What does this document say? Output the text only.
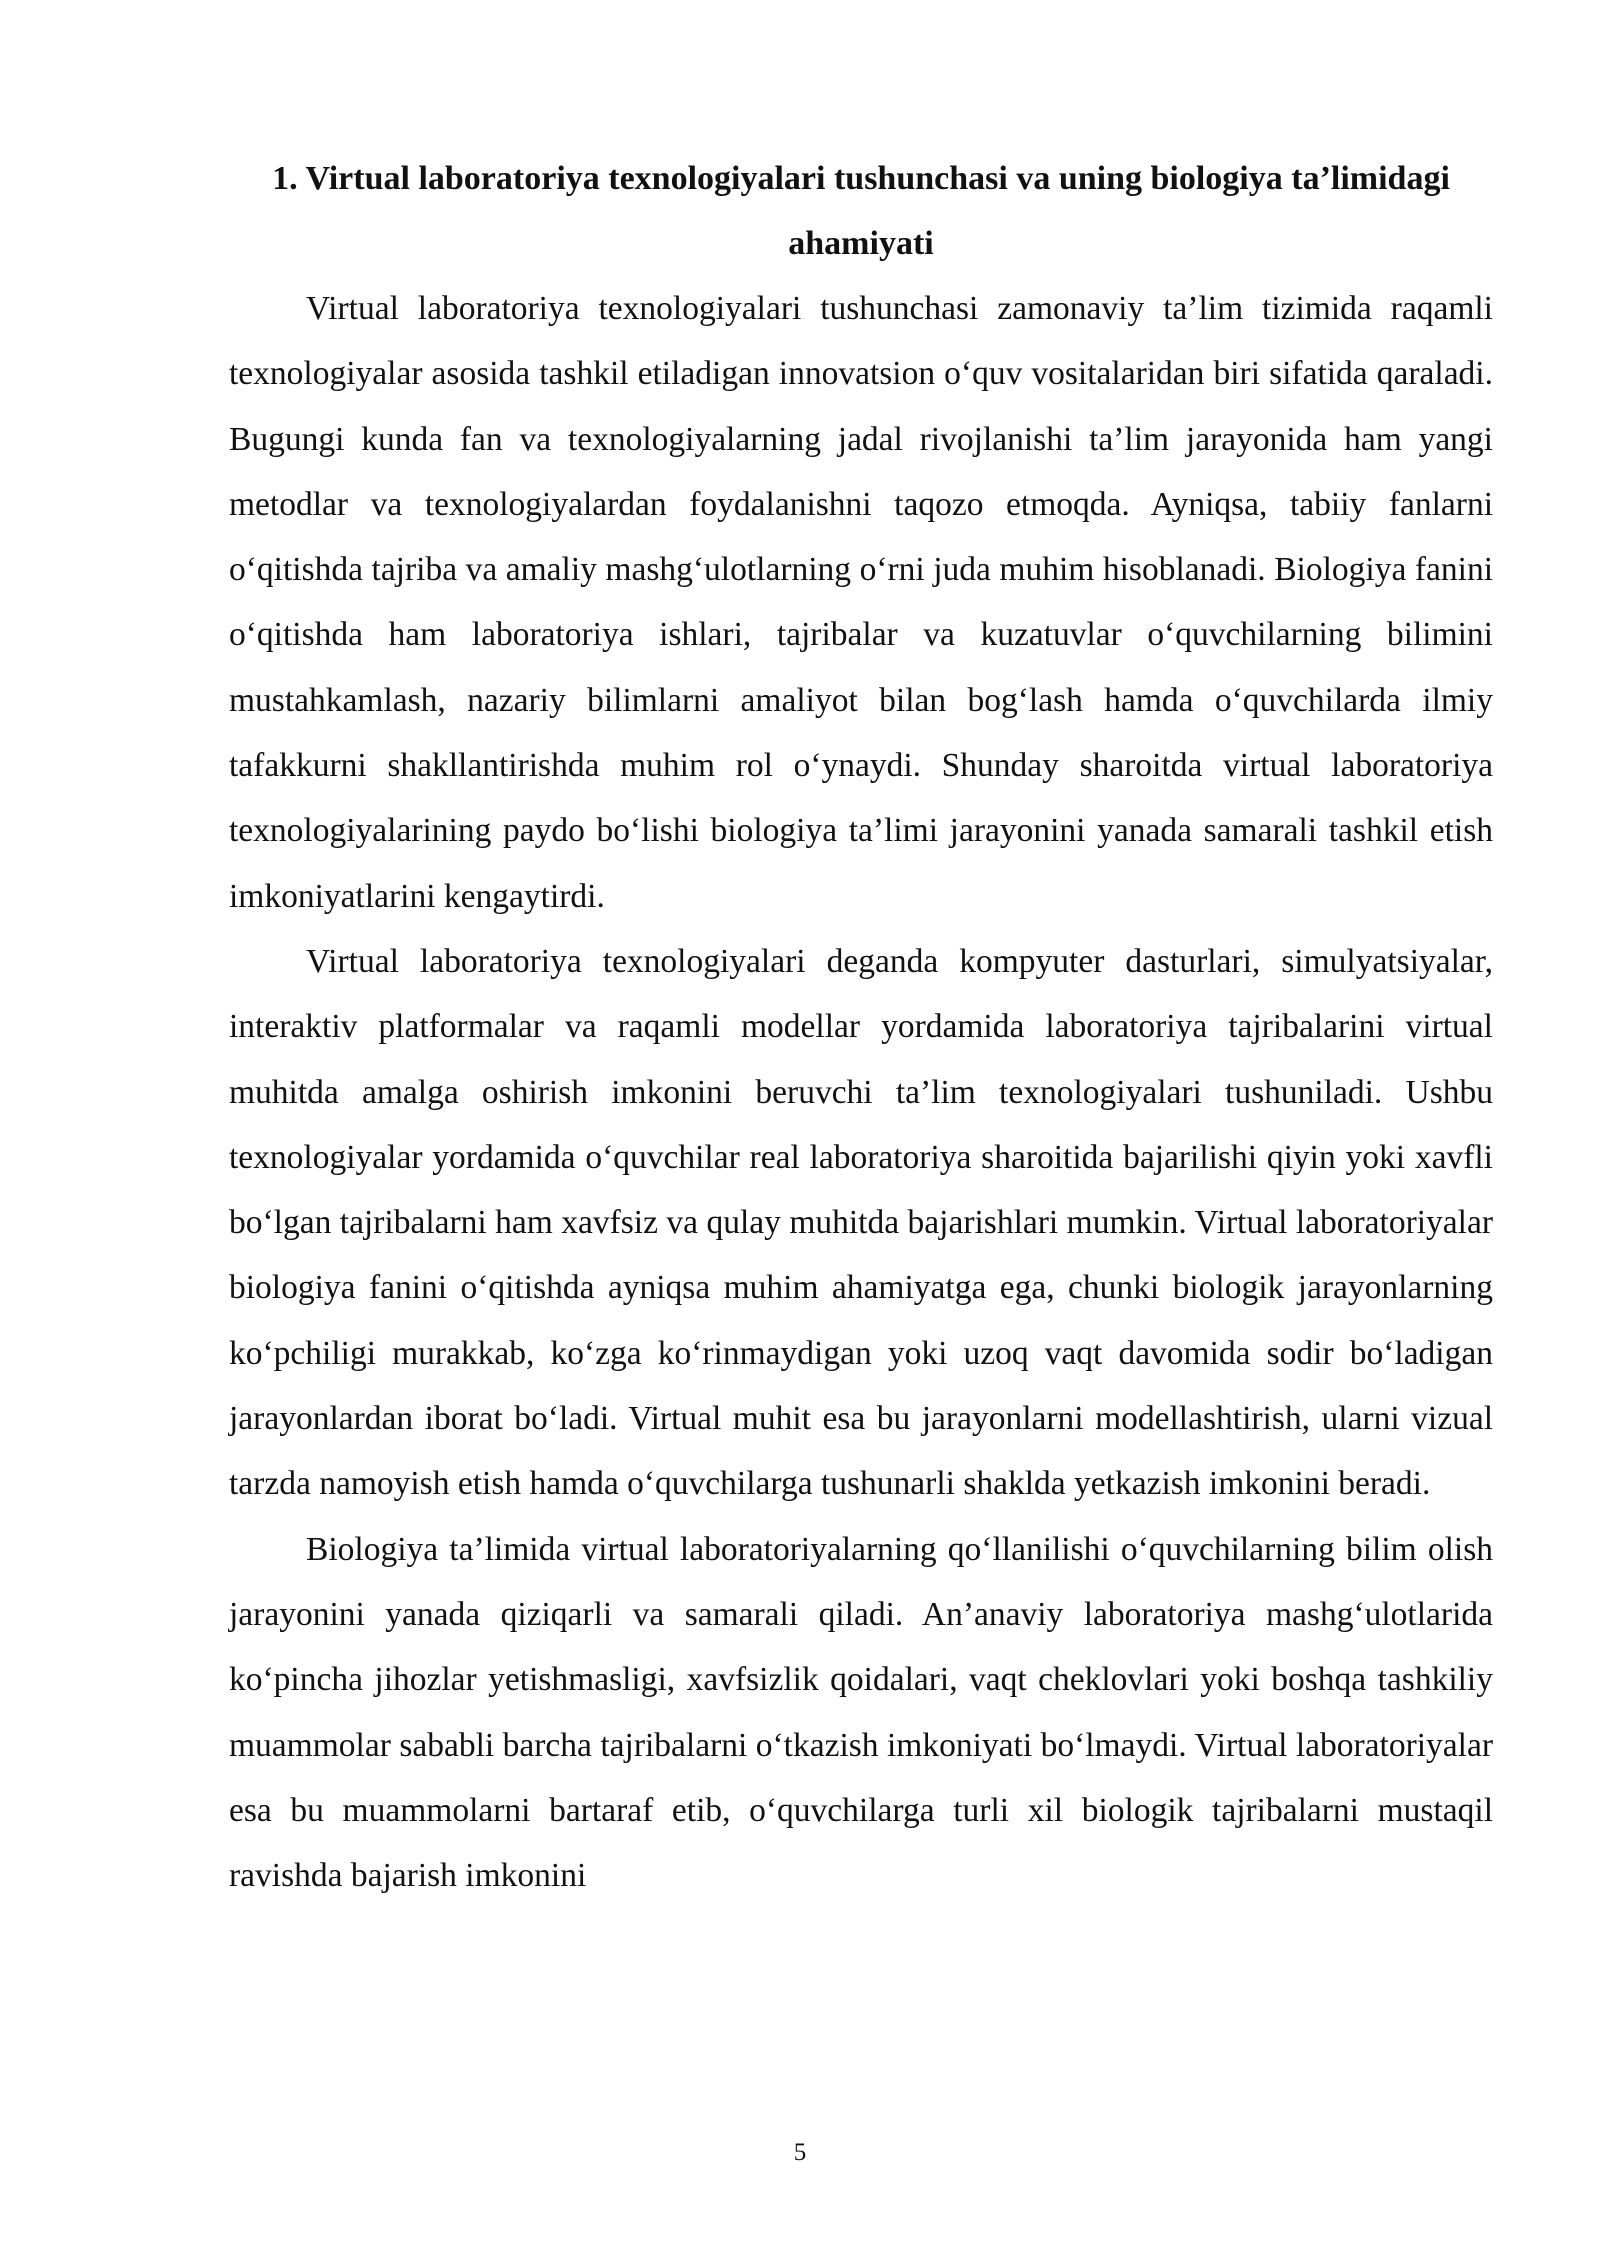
1. Virtual laboratoriya texnologiyalari tushunchasi va uning biologiya ta’limidagi ahamiyati

Virtual laboratoriya texnologiyalari tushunchasi zamonaviy ta’lim tizimida raqamli texnologiyalar asosida tashkil etiladigan innovatsion o‘quv vositalaridan biri sifatida qaraladi. Bugungi kunda fan va texnologiyalarning jadal rivojlanishi ta’lim jarayonida ham yangi metodlar va texnologiyalardan foydalanishni taqozo etmoqda. Ayniqsa, tabiiy fanlarni o‘qitishda tajriba va amaliy mashg‘ulotlarning o‘rni juda muhim hisoblanadi. Biologiya fanini o‘qitishda ham laboratoriya ishlari, tajribalar va kuzatuvlar o‘quvchilarning bilimini mustahkamlash, nazariy bilimlarni amaliyot bilan bog‘lash hamda o‘quvchilarda ilmiy tafakkurni shakllantirishda muhim rol o‘ynaydi. Shunday sharoitda virtual laboratoriya texnologiyalarining paydo bo‘lishi biologiya ta’limi jarayonini yanada samarali tashkil etish imkoniyatlarini kengaytirdi.

Virtual laboratoriya texnologiyalari deganda kompyuter dasturlari, simulyatsiyalar, interaktiv platformalar va raqamli modellar yordamida laboratoriya tajribalarini virtual muhitda amalga oshirish imkonini beruvchi ta’lim texnologiyalari tushuniladi. Ushbu texnologiyalar yordamida o‘quvchilar real laboratoriya sharoitida bajarilishi qiyin yoki xavfli bo‘lgan tajribalarni ham xavfsiz va qulay muhitda bajarishlari mumkin. Virtual laboratoriyalar biologiya fanini o‘qitishda ayniqsa muhim ahamiyatga ega, chunki biologik jarayonlarning ko‘pchiligi murakkab, ko‘zga ko‘rinmaydigan yoki uzoq vaqt davomida sodir bo‘ladigan jarayonlardan iborat bo‘ladi. Virtual muhit esa bu jarayonlarni modellashtirish, ularni vizual tarzda namoyish etish hamda o‘quvchilarga tushunarli shaklda yetkazish imkonini beradi.

Biologiya ta’limida virtual laboratoriyalarning qo‘llanilishi o‘quvchilarning bilim olish jarayonini yanada qiziqarli va samarali qiladi. An’anaviy laboratoriya mashg‘ulotlarida ko‘pincha jihozlar yetishmasligi, xavfsizlik qoidalari, vaqt cheklovlari yoki boshqa tashkiliy muammolar sababli barcha tajribalarni o‘tkazish imkoniyati bo‘lmaydi. Virtual laboratoriyalar esa bu muammolarni bartaraf etib, o‘quvchilarga turli xil biologik tajribalarni mustaqil ravishda bajarish imkonini

5
